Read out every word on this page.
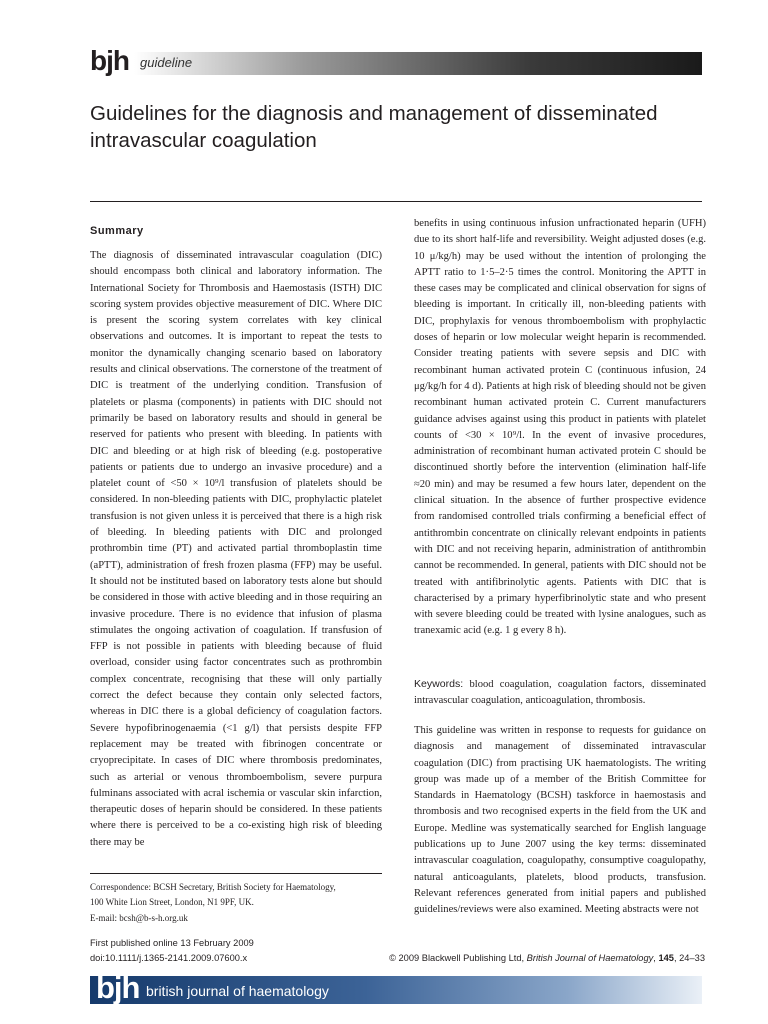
bjh guideline
Guidelines for the diagnosis and management of disseminated
intravascular coagulation
Summary

The diagnosis of disseminated intravascular coagulation (DIC) should encompass both clinical and laboratory information. The International Society for Thrombosis and Haemostasis (ISTH) DIC scoring system provides objective measurement of DIC. Where DIC is present the scoring system correlates with key clinical observations and outcomes. It is important to repeat the tests to monitor the dynamically changing scenario based on laboratory results and clinical observations. The cornerstone of the treatment of DIC is treatment of the underlying condition. Transfusion of platelets or plasma (components) in patients with DIC should not primarily be based on laboratory results and should in general be reserved for patients who present with bleeding. In patients with DIC and bleeding or at high risk of bleeding (e.g. postoperative patients or patients due to undergo an invasive procedure) and a platelet count of <50 × 10⁹/l transfusion of platelets should be considered. In non-bleeding patients with DIC, prophylactic platelet transfusion is not given unless it is perceived that there is a high risk of bleeding. In bleeding patients with DIC and prolonged prothrombin time (PT) and activated partial thromboplastin time (aPTT), administration of fresh frozen plasma (FFP) may be useful. It should not be instituted based on laboratory tests alone but should be considered in those with active bleeding and in those requiring an invasive procedure. There is no evidence that infusion of plasma stimulates the ongoing activation of coagulation. If transfusion of FFP is not possible in patients with bleeding because of fluid overload, consider using factor concentrates such as prothrombin complex concentrate, recognising that these will only partially correct the defect because they contain only selected factors, whereas in DIC there is a global deficiency of coagulation factors. Severe hypofibrinogenaemia (<1 g/l) that persists despite FFP replacement may be treated with fibrinogen concentrate or cryoprecipitate. In cases of DIC where thrombosis predominates, such as arterial or venous thromboembolism, severe purpura fulminans associated with acral ischemia or vascular skin infarction, therapeutic doses of heparin should be considered. In these patients where there is perceived to be a co-existing high risk of bleeding there may be

benefits in using continuous infusion unfractionated heparin (UFH) due to its short half-life and reversibility. Weight adjusted doses (e.g. 10 μ/kg/h) may be used without the intention of prolonging the APTT ratio to 1·5–2·5 times the control. Monitoring the APTT in these cases may be complicated and clinical observation for signs of bleeding is important. In critically ill, non-bleeding patients with DIC, prophylaxis for venous thromboembolism with prophylactic doses of heparin or low molecular weight heparin is recommended. Consider treating patients with severe sepsis and DIC with recombinant human activated protein C (continuous infusion, 24 μg/kg/h for 4 d). Patients at high risk of bleeding should not be given recombinant human activated protein C. Current manufacturers guidance advises against using this product in patients with platelet counts of <30 × 10⁹/l. In the event of invasive procedures, administration of recombinant human activated protein C should be discontinued shortly before the intervention (elimination half-life ≈20 min) and may be resumed a few hours later, dependent on the clinical situation. In the absence of further prospective evidence from randomised controlled trials confirming a beneficial effect of antithrombin concentrate on clinically relevant endpoints in patients with DIC and not receiving heparin, administration of antithrombin cannot be recommended. In general, patients with DIC should not be treated with antifibrinolytic agents. Patients with DIC that is characterised by a primary hyperfibrinolytic state and who present with severe bleeding could be treated with lysine analogues, such as tranexamic acid (e.g. 1 g every 8 h).

Keywords: blood coagulation, coagulation factors, disseminated intravascular coagulation, anticoagulation, thrombosis.
This guideline was written in response to requests for guidance on diagnosis and management of disseminated intravascular coagulation (DIC) from practising UK haematologists. The writing group was made up of a member of the British Committee for Standards in Haematology (BCSH) taskforce in haemostasis and thrombosis and two recognised experts in the field from the UK and Europe. Medline was systematically searched for English language publications up to June 2007 using the key terms: disseminated intravascular coagulation, coagulopathy, consumptive coagulopathy, natural anticoagulants, platelets, blood products, transfusion. Relevant references generated from initial papers and published guidelines/reviews were also examined. Meeting abstracts were not
Correspondence: BCSH Secretary, British Society for Haematology,
100 White Lion Street, London, N1 9PF, UK.
E-mail: bcsh@b-s-h.org.uk
First published online 13 February 2009
doi:10.1111/j.1365-2141.2009.07600.x	© 2009 Blackwell Publishing Ltd, British Journal of Haematology, 145, 24–33
bjh british journal of haematology
